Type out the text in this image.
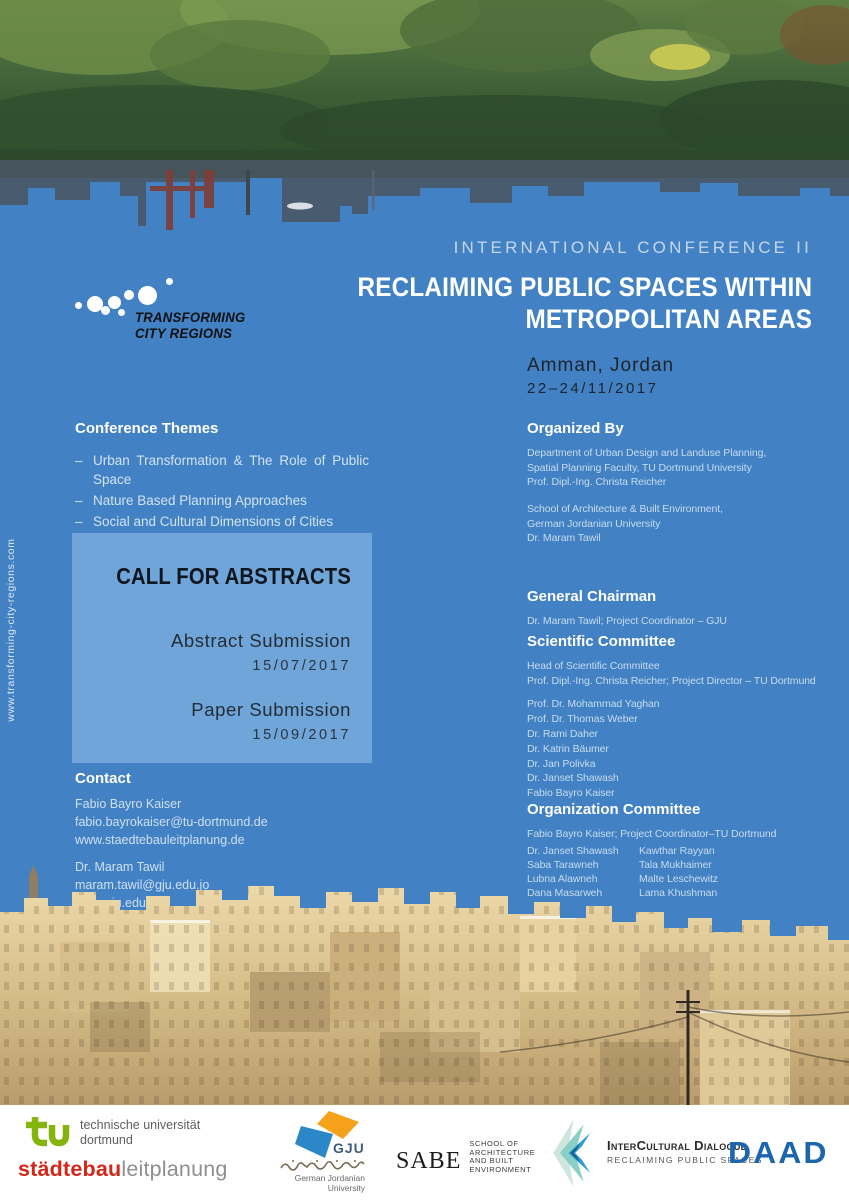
www.transforming-city-regions.com
TRANSFORMING
CITY REGIONS
INTERNATIONAL CONFERENCE II
RECLAIMING PUBLIC SPACES WITHIN
METROPOLITAN AREAS
Amman, Jordan
22–24/11/2017
Conference Themes
– Urban Transformation & The Role of Public Space
– Nature Based Planning Approaches
– Social and Cultural Dimensions of Cities
CALL FOR ABSTRACTS
Abstract Submission
15/07/2017
Paper Submission
15/09/2017
Contact

Fabio Bayro Kaiser

fabio.bayrokaiser@tu-dortmund.de

www.staedtebauleitplanung.de

Dr. Maram Tawil

maram.tawil@gju.edu.jo

Organized By

Department of Urban Design and Landuse Planning,

Spatial Planning Faculty, TU Dortmund University

Prof. Dipl.-Ing. Christa Reicher

School of Architecture & Built Environment,

German Jordanian University

Dr. Maram Tawil

General Chairman

Dr. Maram Tawil; Project Coordinator – GJU

Scientific Committee

Head of Scientific Committee

Prof. Dipl.-Ing. Christa Reicher; Project Director – TU Dortmund

Prof. Dr. Mohammad Yaghan

Prof. Dr. Thomas Weber

Dr. Rami Daher

Dr. Katrin Bäumer

Dr. Jan Polivka

Dr. Janset Shawash

Fabio Bayro Kaiser

Organization Committee

Fabio Bayro Kaiser; Project Coordinator–TU Dortmund

Dr. Janset Shawash	Kawthar Rayyan

Saba Tarawneh	Tala Mukhaimer

Lubna Alawneh	Malte Leschewitz

Dana Masarweh	Lama Khushman

technische universität
dortmund
städtebauleitplanung
GJU
German Jordanian University
SABE
SCHOOL OF
ARCHITECTURE
AND BUILT
ENVIRONMENT
InterCultural Dialogue
RECLAIMING PUBLIC SPACES
DAAD
